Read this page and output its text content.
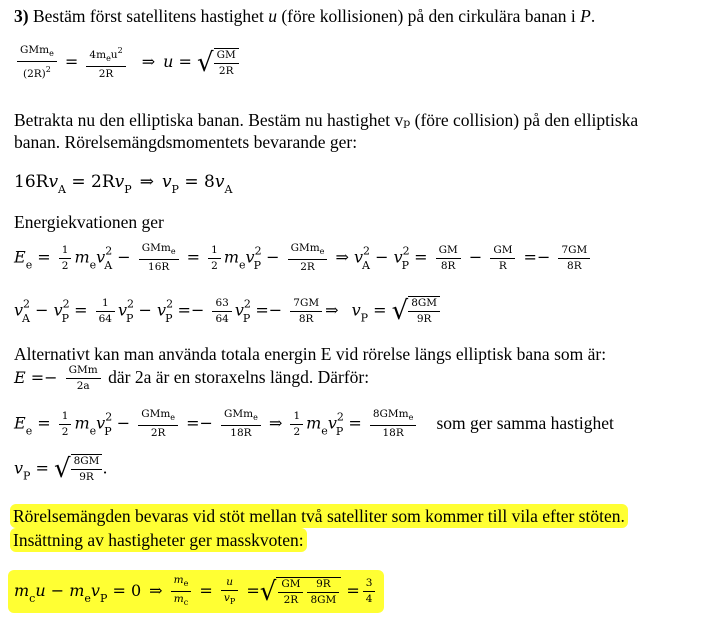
3) Bestäm först satellitens hastighet u (före kollisionen) på den cirkulära banan i P.
$\frac{GMm_e}{(2R)^2} = \frac{4m_eu^2}{2R}$ ⇒ u = √ $\frac{GM}{2R}$
Betrakta nu den elliptiska banan. Bestäm nu hastighet vₚ (före collision) på den elliptiska
banan. Rörelsemängdsmomentets bevarande ger:
$16Rv_A = 2Rv_P$ ⇒ $v_P = 8v_A$
Energiekvationen ger
$E_e = \frac{1}{2} m_ev^2_A - \frac{GMm_e}{16R} = \frac{1}{2} m_ev^2_P - \frac{GMm_e}{2R}$ ⇒ $v^2_A - v^2_P = \frac{GM}{8R} - \frac{GM}{R} =- \frac{7GM}{8R}$
$v^2_A - v^2_P = \frac{1}{64} v^2_P - v^2_P =- \frac{63}{64} v^2_P =- \frac{7GM}{8R}$ ⇒ $v_P$ = √ $\frac{8GM}{9R}$
Alternativt kan man använda totala energin E vid rörelse längs elliptisk bana som är:
$E =- \frac{\text{GMm}}{2a}$ där 2a är en storaxelns längd. Därför:
$E_e = \frac{1}{2} m_ev^2_P - \frac{GMm_e}{2R} =- \frac{GMm_e}{18R}$ ⇒ $\frac{1}{2} m_ev^2_P = \frac{8GMm_e}{18R}$ som ger samma hastighet
$v_P$ = √ $\frac{8GM}{9R}$ .
Rörelsemängden bevaras vid stöt mellan två satelliter som kommer till vila efter stöten.
Insättning av hastigheter ger masskvoten:
$m_cu - m_ev_P = 0$ ⇒ $\frac{m_e}{m_c} = \frac{u}{v_P}$ =√ $\frac{GM}{2R} \frac{9R}{8GM} = \frac{3}{4}$
